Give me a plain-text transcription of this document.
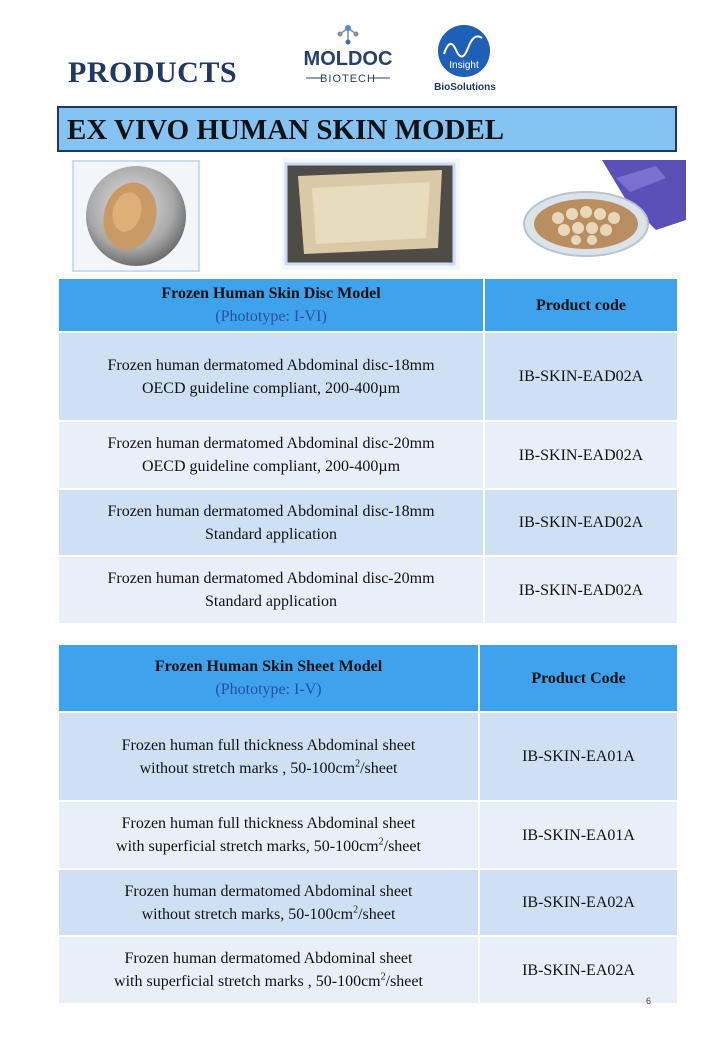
PRODUCTS	MOLDOC
BIOTECH
Insight
BioSolutions
EX VIVO HUMAN SKIN MODEL
Frozen Human Skin Disc Model
(Phototype: I-VI)	Product code

Frozen human dermatomed Abdominal disc-18mm
OECD guideline compliant, 200-400µm	IB-SKIN-EAD02A

Frozen human dermatomed Abdominal disc-20mm
OECD guideline compliant, 200-400µm	IB-SKIN-EAD02A

Frozen human dermatomed Abdominal disc-18mm
Standard application	IB-SKIN-EAD02A

Frozen human dermatomed Abdominal disc-20mm
Standard application	IB-SKIN-EAD02A
Frozen Human Skin Sheet Model
(Phototype: I-V)	Product Code

Frozen human full thickness Abdominal sheet
without stretch marks , $50-100cm^2$/sheet	IB-SKIN-EA01A

Frozen human full thickness Abdominal sheet
with superficial stretch marks, $50-100cm^2$/sheet	IB-SKIN-EA01A

Frozen human dermatomed Abdominal sheet
without stretch marks, $50-100cm^2$/sheet	IB-SKIN-EA02A

Frozen human dermatomed Abdominal sheet
with superficial stretch marks , $50-100cm^2$/sheet	IB-SKIN-EA02A
6
